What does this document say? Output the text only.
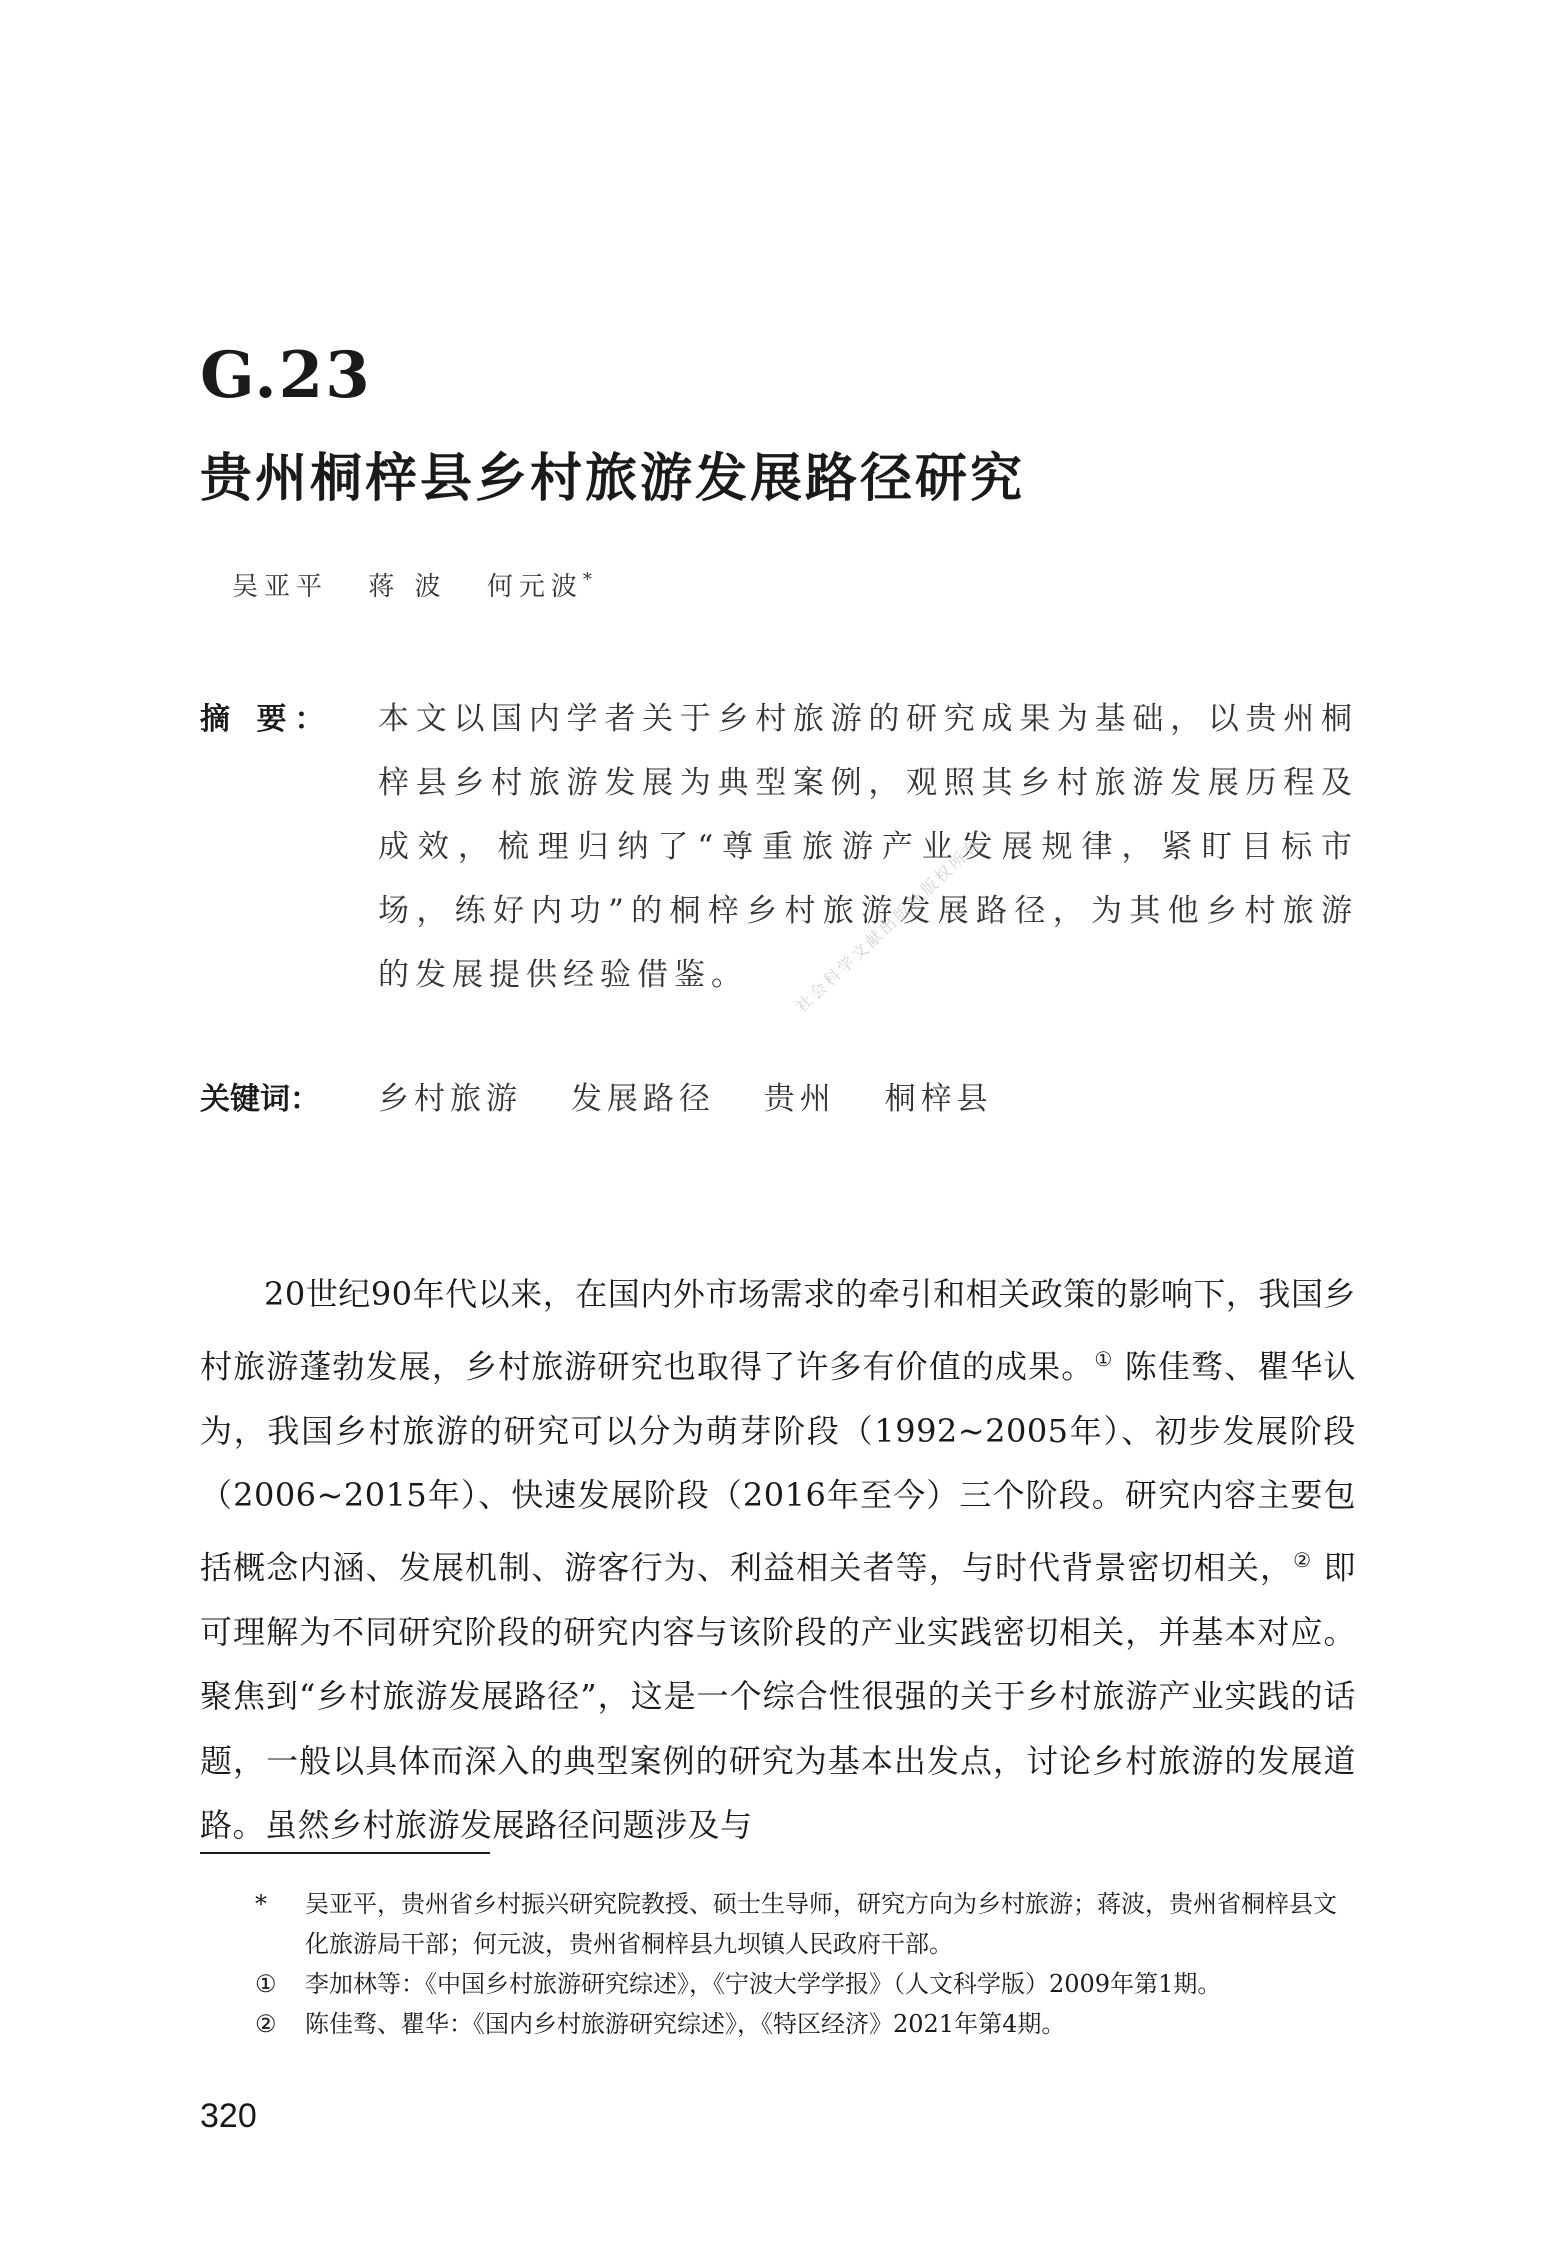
G.23
贵州桐梓县乡村旅游发展路径研究
吴亚平 蒋 波 何元波*
摘 要： 本文以国内学者关于乡村旅游的研究成果为基础，以贵州桐梓县乡村旅游发展为典型案例，观照其乡村旅游发展历程及成效，梳理归纳了“尊重旅游产业发展规律，紧盯目标市场，练好内功”的桐梓乡村旅游发展路径，为其他乡村旅游的发展提供经验借鉴。
关键词： 乡村旅游 发展路径 贵州 桐梓县

20世纪90年代以来，在国内外市场需求的牵引和相关政策的影响下，我国乡村旅游蓬勃发展，乡村旅游研究也取得了许多有价值的成果。① 陈佳骛、瞿华认为，我国乡村旅游的研究可以分为萌芽阶段（1992~2005年）、初步发展阶段（2006~2015年）、快速发展阶段（2016年至今）三个阶段。研究内容主要包括概念内涵、发展机制、游客行为、利益相关者等，与时代背景密切相关，② 即可理解为不同研究阶段的研究内容与该阶段的产业实践密切相关，并基本对应。聚焦到“乡村旅游发展路径”，这是一个综合性很强的关于乡村旅游产业实践的话题，一般以具体而深入的典型案例的研究为基本出发点，讨论乡村旅游的发展道路。虽然乡村旅游发展路径问题涉及与

* 吴亚平，贵州省乡村振兴研究院教授、硕士生导师，研究方向为乡村旅游；蒋波，贵州省桐梓县文化旅游局干部；何元波，贵州省桐梓县九坝镇人民政府干部。
① 李加林等：《中国乡村旅游研究综述》，《宁波大学学报》（人文科学版）2009年第1期。
② 陈佳骛、瞿华：《国内乡村旅游研究综述》，《特区经济》2021年第4期。
320
社会科学文献出版社版权所有
